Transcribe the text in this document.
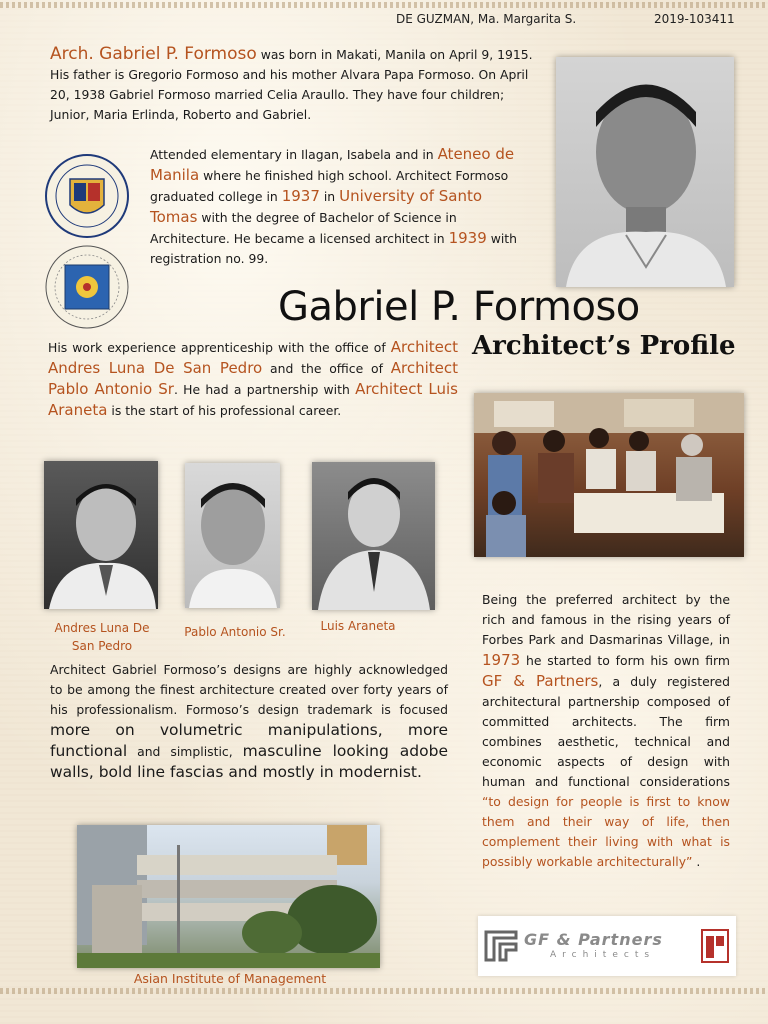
DE GUZMAN, Ma. Margarita S.	2019-103411
Arch. Gabriel P. Formoso was born in Makati, Manila on April 9, 1915. His father is Gregorio Formoso and his mother Alvara Papa Formoso. On April 20, 1938 Gabriel Formoso married Celia Araullo. They have four children; Junior, Maria Erlinda, Roberto and Gabriel.
Attended elementary in Ilagan, Isabela and in Ateneo de Manila where he finished high school. Architect Formoso graduated college in 1937 in University of Santo Tomas with the degree of Bachelor of Science in Architecture. He became a licensed architect in 1939 with registration no. 99.
Gabriel P. Formoso
Architect’s Profile
His work experience apprenticeship with the office of Architect Andres Luna De San Pedro and the office of Architect Pablo Antonio Sr. He had a partnership with Architect Luis Araneta is the start of his professional career.
Andres Luna De San Pedro
Pablo Antonio Sr.	Luis Araneta
Architect Gabriel Formoso’s designs are highly acknowledged to be among the finest architecture created over forty years of his professionalism. Formoso’s design trademark is focused more on volumetric manipulations, more functional and simplistic, masculine looking adobe walls, bold line fascias and mostly in modernist.
Asian Institute of Management
Being the preferred architect by the rich and famous in the rising years of Forbes Park and Dasmarinas Village, in 1973 he started to form his own firm GF & Partners, a duly registered architectural partnership composed of committed architects. The firm combines aesthetic, technical and economic aspects of design with human and functional considerations “to design for people is first to know them and their way of life, then complement their living with what is possibly workable architecturally” .
GF & Partners
Architects
